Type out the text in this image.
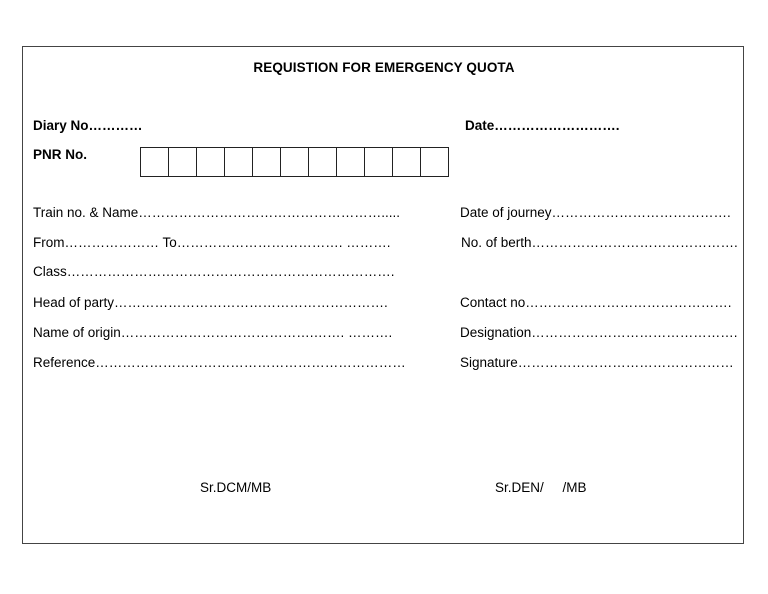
REQUISTION FOR EMERGENCY QUOTA
Diary No…………	Date……………………….
PNR No.
Train no. & Name……………………………………………….....	Date of journey………………………………….
From………………… To………………………………. ……….	No. of berth……………………………………….
Class……………………………………………………………….
Head of party…………………………………………………….	Contact no……………………………………….
Name of origin…………………………………….……. ……….	Designation……………………………………….
Reference……………………………………………………………	Signature…………………………………………
Sr.DCM/MB	Sr.DEN/     /MB
